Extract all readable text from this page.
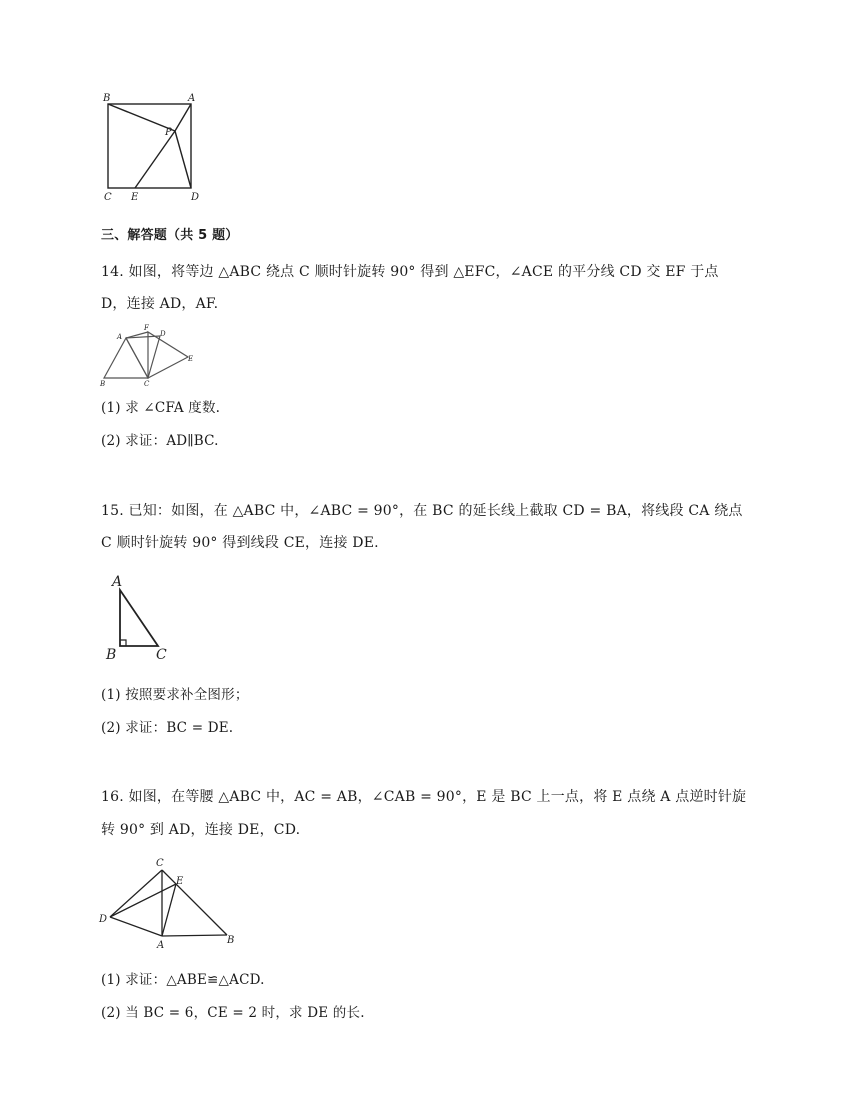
B	A
P
C E	D
三、解答题（共 5 题）
14. 如图，将等边 △ABC 绕点 C 顺时针旋转 90° 得到 △EFC，∠ACE 的平分线 CD 交 EF 于点
D，连接 AD，AF.
A
F
D
E
B	C
(1) 求 ∠CFA 度数.
(2) 求证：AD∥BC.
15. 已知：如图，在 △ABC 中，∠ABC = 90°，在 BC 的延长线上截取 CD = BA，将线段 CA 绕点
C 顺时针旋转 90° 得到线段 CE，连接 DE.
A
B	C
(1) 按照要求补全图形；
(2) 求证：BC = DE.
16. 如图，在等腰 △ABC 中，AC = AB，∠CAB = 90°，E 是 BC 上一点，将 E 点绕 A 点逆时针旋
转 90° 到 AD，连接 DE，CD.
C
E
D
A	B
(1) 求证：△ABE≌△ACD.
(2) 当 BC = 6，CE = 2 时，求 DE 的长.
